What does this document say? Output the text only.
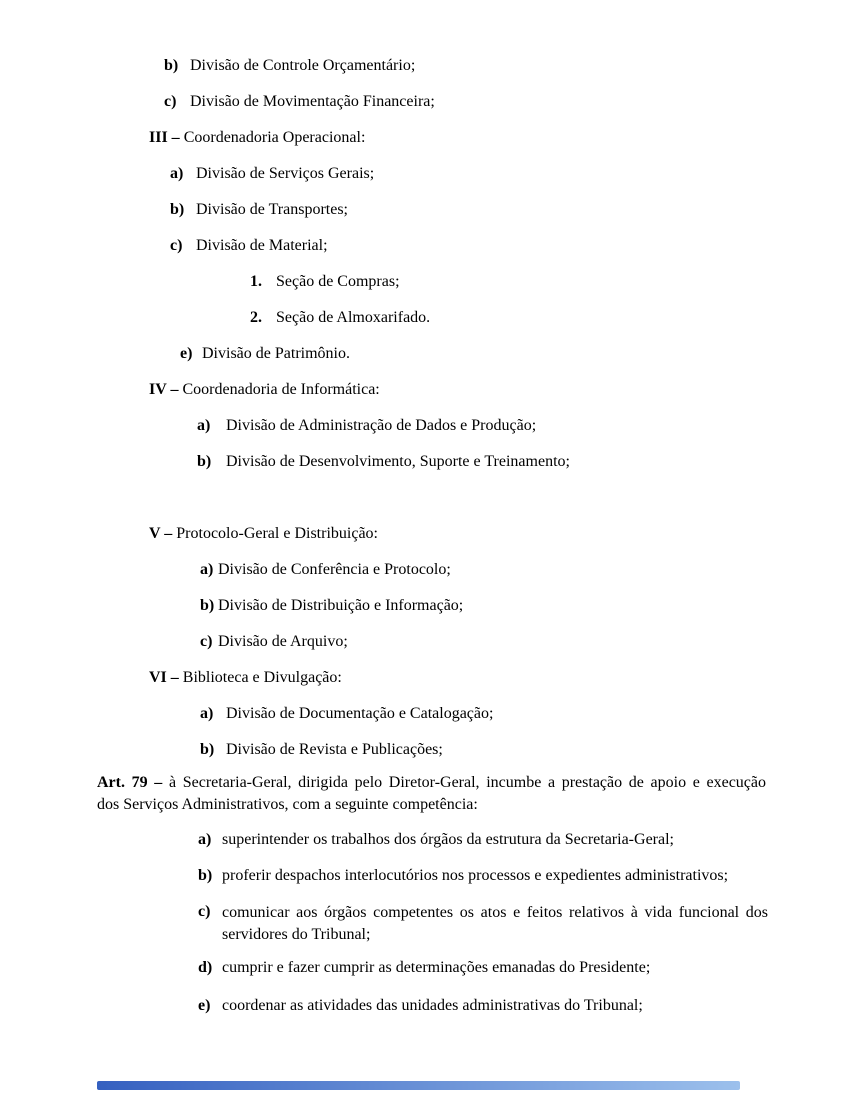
b) Divisão de Controle Orçamentário;
c) Divisão de Movimentação Financeira;
III – Coordenadoria Operacional:
a) Divisão de Serviços Gerais;
b) Divisão de Transportes;
c) Divisão de Material;
1. Seção de Compras;
2. Seção de Almoxarifado.
e) Divisão de Patrimônio.
IV – Coordenadoria de Informática:
a) Divisão de Administração de Dados e Produção;
b) Divisão de Desenvolvimento, Suporte e Treinamento;
V – Protocolo-Geral e Distribuição:
a) Divisão de Conferência e Protocolo;
b) Divisão de Distribuição e Informação;
c) Divisão de Arquivo;
VI – Biblioteca e Divulgação:
a) Divisão de Documentação e Catalogação;
b) Divisão de Revista e Publicações;
Art. 79 – à Secretaria-Geral, dirigida pelo Diretor-Geral, incumbe a prestação de apoio e execução
dos Serviços Administrativos, com a seguinte competência:
a) superintender os trabalhos dos órgãos da estrutura da Secretaria-Geral;
b) proferir despachos interlocutórios nos processos e expedientes administrativos;
c) comunicar aos órgãos competentes os atos e feitos relativos à vida funcional dos
servidores do Tribunal;
d) cumprir e fazer cumprir as determinações emanadas do Presidente;
e) coordenar as atividades das unidades administrativas do Tribunal;
